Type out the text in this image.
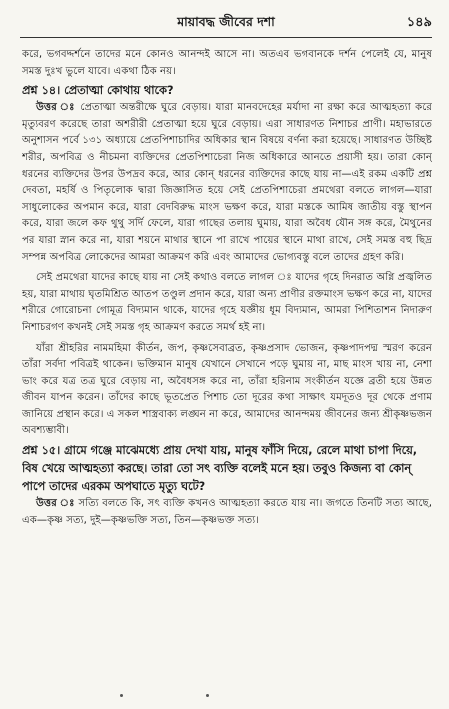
মায়াবদ্ধ জীবের দশা	১৪৯

করে, ভগবদ্দর্শনে তাদের মনে কোনও আনন্দই আসে না। অতএব ভগবানকে দর্শন পেলেই যে, মানুষ সমস্ত দুঃখ ভুলে যাবে। একথা ঠিক নয়।

প্রশ্ন ১৪। প্রেতাত্মা কোথায় থাকে?

উত্তর ঃ প্রেতাত্মা অন্তরীক্ষে ঘুরে বেড়ায়। যারা মানবদেহের মর্যাদা না রক্ষা করে আত্মহত্যা করে মৃত্যুবরণ করেছে তারা অশরীরী প্রেতাত্মা হয়ে ঘুরে বেড়ায়। এরা সাধারণত নিশাচর প্রাণী। মহাভারতে অনুশাসন পর্বে ১৩১ অধ্যায়ে প্রেতপিশাচাদির অধিকার স্থান বিষয়ে বর্ণনা করা হয়েছে। সাধারণত উচ্ছিষ্ট শরীর, অপবিত্র ও নীচমনা ব্যক্তিদের প্রেতপিশাচেরা নিজ অধিকারে আনতে প্রয়াসী হয়। তারা কোন্ ধরনের ব্যক্তিদের উপর উপদ্রব করে, আর কোন্ ধরনের ব্যক্তিদের কাছে যায় না—এই রকম একটি প্রশ্ন দেবতা, মহর্ষি ও পিতৃলোক দ্বারা জিজ্ঞাসিত হয়ে সেই প্রেতপিশাচেরা প্রমথেরা বলতে লাগল—যারা সাধুলোকের অপমান করে, যারা বেদবিরুদ্ধ মাংস ভক্ষণ করে, যারা মস্তকে আমিষ জাতীয় বস্তু স্থাপন করে, যারা জলে কফ থুথু সর্দি ফেলে, যারা গাছের তলায় ঘুমায়, যারা অবৈধ যৌন সঙ্গ করে, মৈথুনের পর যারা স্নান করে না, যারা শয়নে মাথার স্থানে পা রাখে পায়ের স্থানে মাথা রাখে, সেই সমস্ত বহু ছিদ্র সম্পন্ন অপবিত্র লোকেদের আমরা আক্রমণ করি এবং আমাদের ভোগ্যবস্তু বলে তাদের গ্রহণ করি।

সেই প্রমথেরা যাদের কাছে যায় না সেই কথাও বলতে লাগল ঃ যাদের গৃহে দিনরাত অগ্নি প্রজ্বলিত হয়, যারা মাথায় ঘৃতমিশ্রিত আতপ তণ্ডুল প্রদান করে, যারা অন্য প্রাণীর রক্তমাংস ভক্ষণ করে না, যাদের শরীরে গোরোচনা গোমূত্র বিদ্যমান থাকে, যাদের গৃহে যজ্ঞীয় ধূম বিদ্যমান, আমরা পিশিতাশন নিদারুণ নিশাচরগণ কখনই সেই সমস্ত গৃহ আক্রমণ করতে সমর্থ হই না।

যাঁরা শ্রীহরির নামমহিমা কীর্তন, জপ, কৃষ্ণসেবাব্রত, কৃষ্ণপ্রসাদ ভোজন, কৃষ্ণপাদপদ্ম স্মরণ করেন তাঁরা সর্বদা পবিত্রই থাকেন। ভক্তিমান মানুষ যেখানে সেখানে পড়ে ঘুমায় না, মাছ মাংস খায় না, নেশা ভাং করে যত্র তত্র ঘুরে বেড়ায় না, অবৈধসঙ্গ করে না, তাঁরা হরিনাম সংকীর্তন যজ্ঞে ব্রতী হয়ে উন্নত জীবন যাপন করেন। তাঁদের কাছে ভূতপ্রেত পিশাচ তো দূরের কথা সাক্ষাৎ যমদূতও দূর থেকে প্রণাম জানিয়ে প্রস্থান করে। এ সকল শাস্ত্রবাক্য লঙ্ঘন না করে, আমাদের আনন্দময় জীবনের জন্য শ্রীকৃষ্ণভজন অবশ্যম্ভাবী।

প্রশ্ন ১৫। গ্রামে গঞ্জে মাঝেমধ্যে প্রায় দেখা যায়, মানুষ ফাঁসি দিয়ে, রেলে মাথা চাপা দিয়ে, বিষ খেয়ে আত্মহত্যা করছে। তারা তো সৎ ব্যক্তি বলেই মনে হয়। তবুও কিজন্য বা কোন্ পাপে তাদের এরকম অপঘাতে মৃত্যু ঘটে?

উত্তর ঃ সত্যি বলতে কি, সৎ ব্যক্তি কখনও আত্মহত্যা করতে যায় না। জগতে তিনটি সত্য আছে, এক—কৃষ্ণ সত্য, দুই—কৃষ্ণভক্তি সত্য, তিন—কৃষ্ণভক্ত সত্য।
